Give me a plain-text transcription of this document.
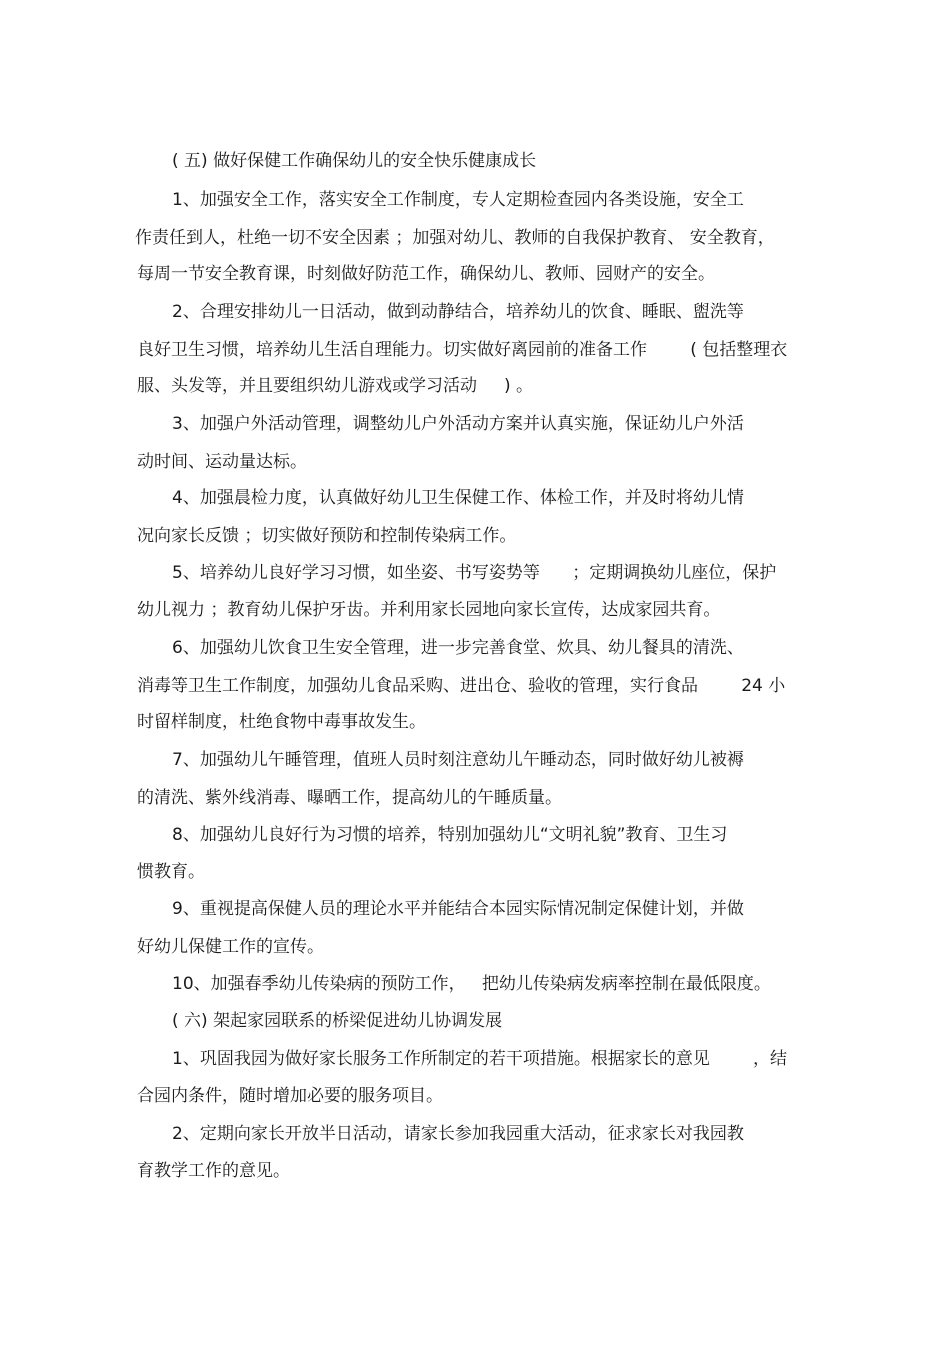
( 五) 做好保健工作确保幼儿的安全快乐健康成长
1、加强安全工作，落实安全工作制度，专人定期检查园内各类设施，安全工
作责任到人，杜绝一切不安全因素 ；加强对幼儿、教师的自我保护教育、 安全教育，
每周一节安全教育课，时刻做好防范工作，确保幼儿、教师、园财产的安全。
2、合理安排幼儿一日活动，做到动静结合，培养幼儿的饮食、睡眠、盥洗等
良好卫生习惯，培养幼儿生活自理能力。切实做好离园前的准备工作        ( 包括整理衣
服、头发等，并且要组织幼儿游戏或学习活动     ) 。
3、加强户外活动管理，调整幼儿户外活动方案并认真实施，保证幼儿户外活
动时间、运动量达标。
4、加强晨检力度，认真做好幼儿卫生保健工作、体检工作，并及时将幼儿情
况向家长反馈 ；切实做好预防和控制传染病工作。
5、培养幼儿良好学习习惯，如坐姿、书写姿势等      ；定期调换幼儿座位，保护
幼儿视力 ；教育幼儿保护牙齿。并利用家长园地向家长宣传，达成家园共育。
6、加强幼儿饮食卫生安全管理，进一步完善食堂、炊具、幼儿餐具的清洗、
消毒等卫生工作制度，加强幼儿食品采购、进出仓、验收的管理，实行食品        24 小
时留样制度，杜绝食物中毒事故发生。
7、加强幼儿午睡管理，值班人员时刻注意幼儿午睡动态，同时做好幼儿被褥
的清洗、紫外线消毒、曝晒工作，提高幼儿的午睡质量。
8、加强幼儿良好行为习惯的培养，特别加强幼儿“文明礼貌”教育、卫生习
惯教育。
9、重视提高保健人员的理论水平并能结合本园实际情况制定保健计划，并做
好幼儿保健工作的宣传。
10、加强春季幼儿传染病的预防工作，   把幼儿传染病发病率控制在最低限度。
( 六) 架起家园联系的桥梁促进幼儿协调发展
1、巩固我园为做好家长服务工作所制定的若干项措施。根据家长的意见        ，结
合园内条件，随时增加必要的服务项目。
2、定期向家长开放半日活动，请家长参加我园重大活动，征求家长对我园教
育教学工作的意见。
